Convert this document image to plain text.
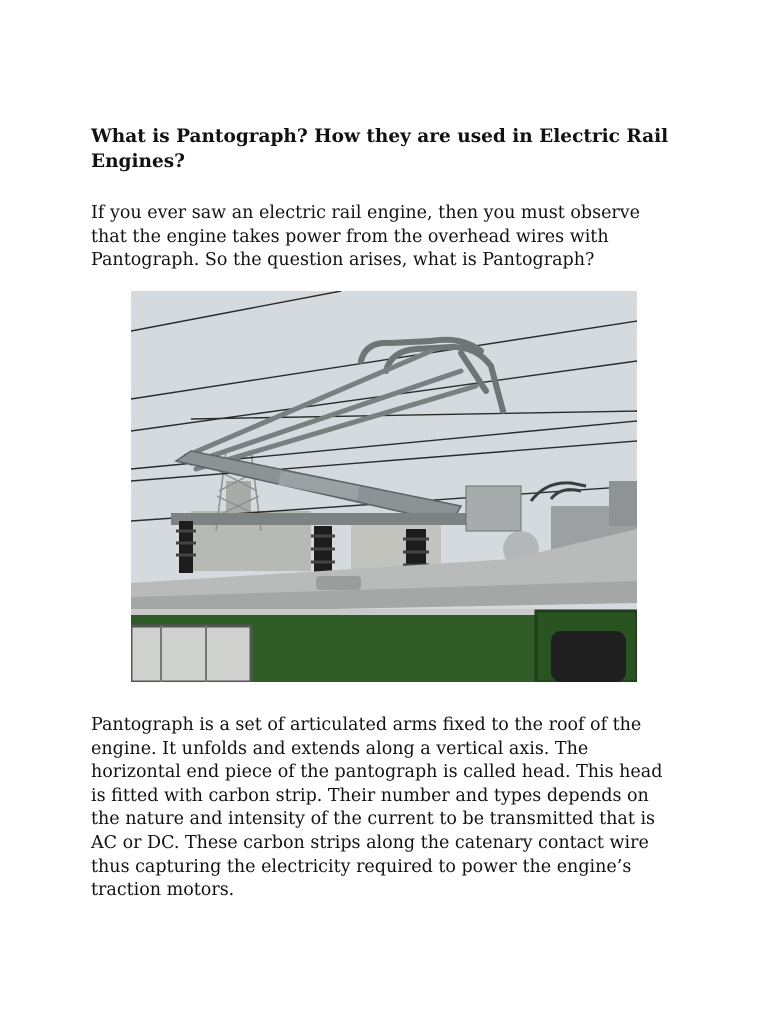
What is Pantograph? How they are used in Electric Rail Engines?

If you ever saw an electric rail engine, then you must observe that the engine takes power from the overhead wires with Pantograph. So the question arises, what is Pantograph?

Pantograph is a set of articulated arms fixed to the roof of the engine. It unfolds and extends along a vertical axis. The horizontal end piece of the pantograph is called head. This head is fitted with carbon strip. Their number and types depends on the nature and intensity of the current to be transmitted that is AC or DC. These carbon strips along the catenary contact wire thus capturing the electricity required to power the engine’s traction motors.
